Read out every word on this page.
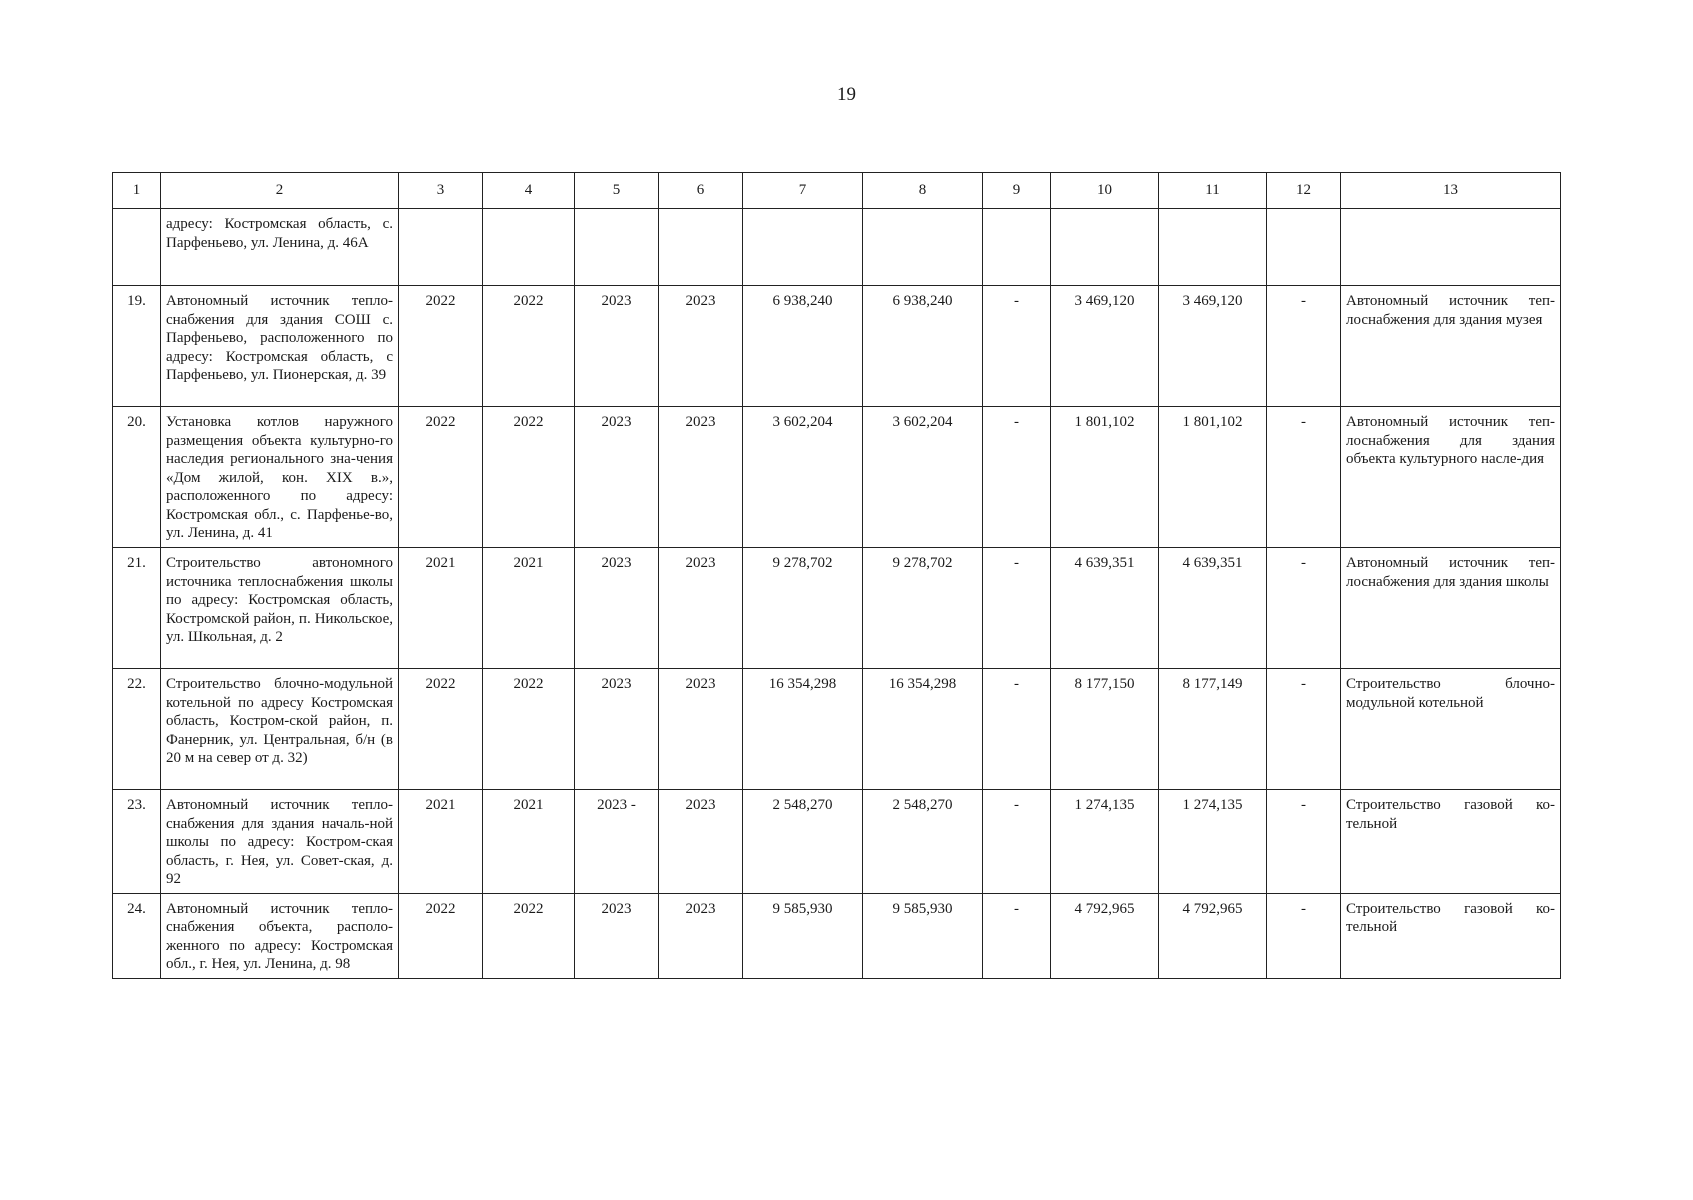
19
1	2	3	4	5	6	7	8	9	10	11	12	13
	адресу: Костромская область, с. Парфеньево, ул. Ленина, д. 46А											
19.	Автономный источник тепло-снабжения для здания СОШ с. Парфеньево, расположенного по адресу: Костромская область, с Парфеньево, ул. Пионерская, д. 39	2022	2022	2023	2023	6 938,240	6 938,240	-	3 469,120	3 469,120	-	Автономный источник теп-лоснабжения для здания музея
20.	Установка котлов наружного размещения объекта культурно-го наследия регионального зна-чения «Дом жилой, кон. XIX в.», расположенного по адресу: Костромская обл., с. Парфенье-во, ул. Ленина, д. 41	2022	2022	2023	2023	3 602,204	3 602,204	-	1 801,102	1 801,102	-	Автономный источник теп-лоснабжения для здания объекта культурного насле-дия
21.	Строительство автономного источника теплоснабжения школы по адресу: Костромская область, Костромской район, п. Никольское, ул. Школьная, д. 2	2021	2021	2023	2023	9 278,702	9 278,702	-	4 639,351	4 639,351	-	Автономный источник теп-лоснабжения для здания школы
22.	Строительство блочно-модульной котельной по адресу Костромская область, Костром-ской район, п. Фанерник, ул. Центральная, б/н (в 20 м на север от д. 32)	2022	2022	2023	2023	16 354,298	16 354,298	-	8 177,150	8 177,149	-	Строительство блочно-модульной котельной
23.	Автономный источник тепло-снабжения для здания началь-ной школы по адресу: Костром-ская область, г. Нея, ул. Совет-ская, д. 92	2021	2021	2023 -	2023	2 548,270	2 548,270	-	1 274,135	1 274,135	-	Строительство газовой ко-тельной
24.	Автономный источник тепло-снабжения объекта, располо-женного по адресу: Костромская обл., г. Нея, ул. Ленина, д. 98	2022	2022	2023	2023	9 585,930	9 585,930	-	4 792,965	4 792,965	-	Строительство газовой ко-тельной
